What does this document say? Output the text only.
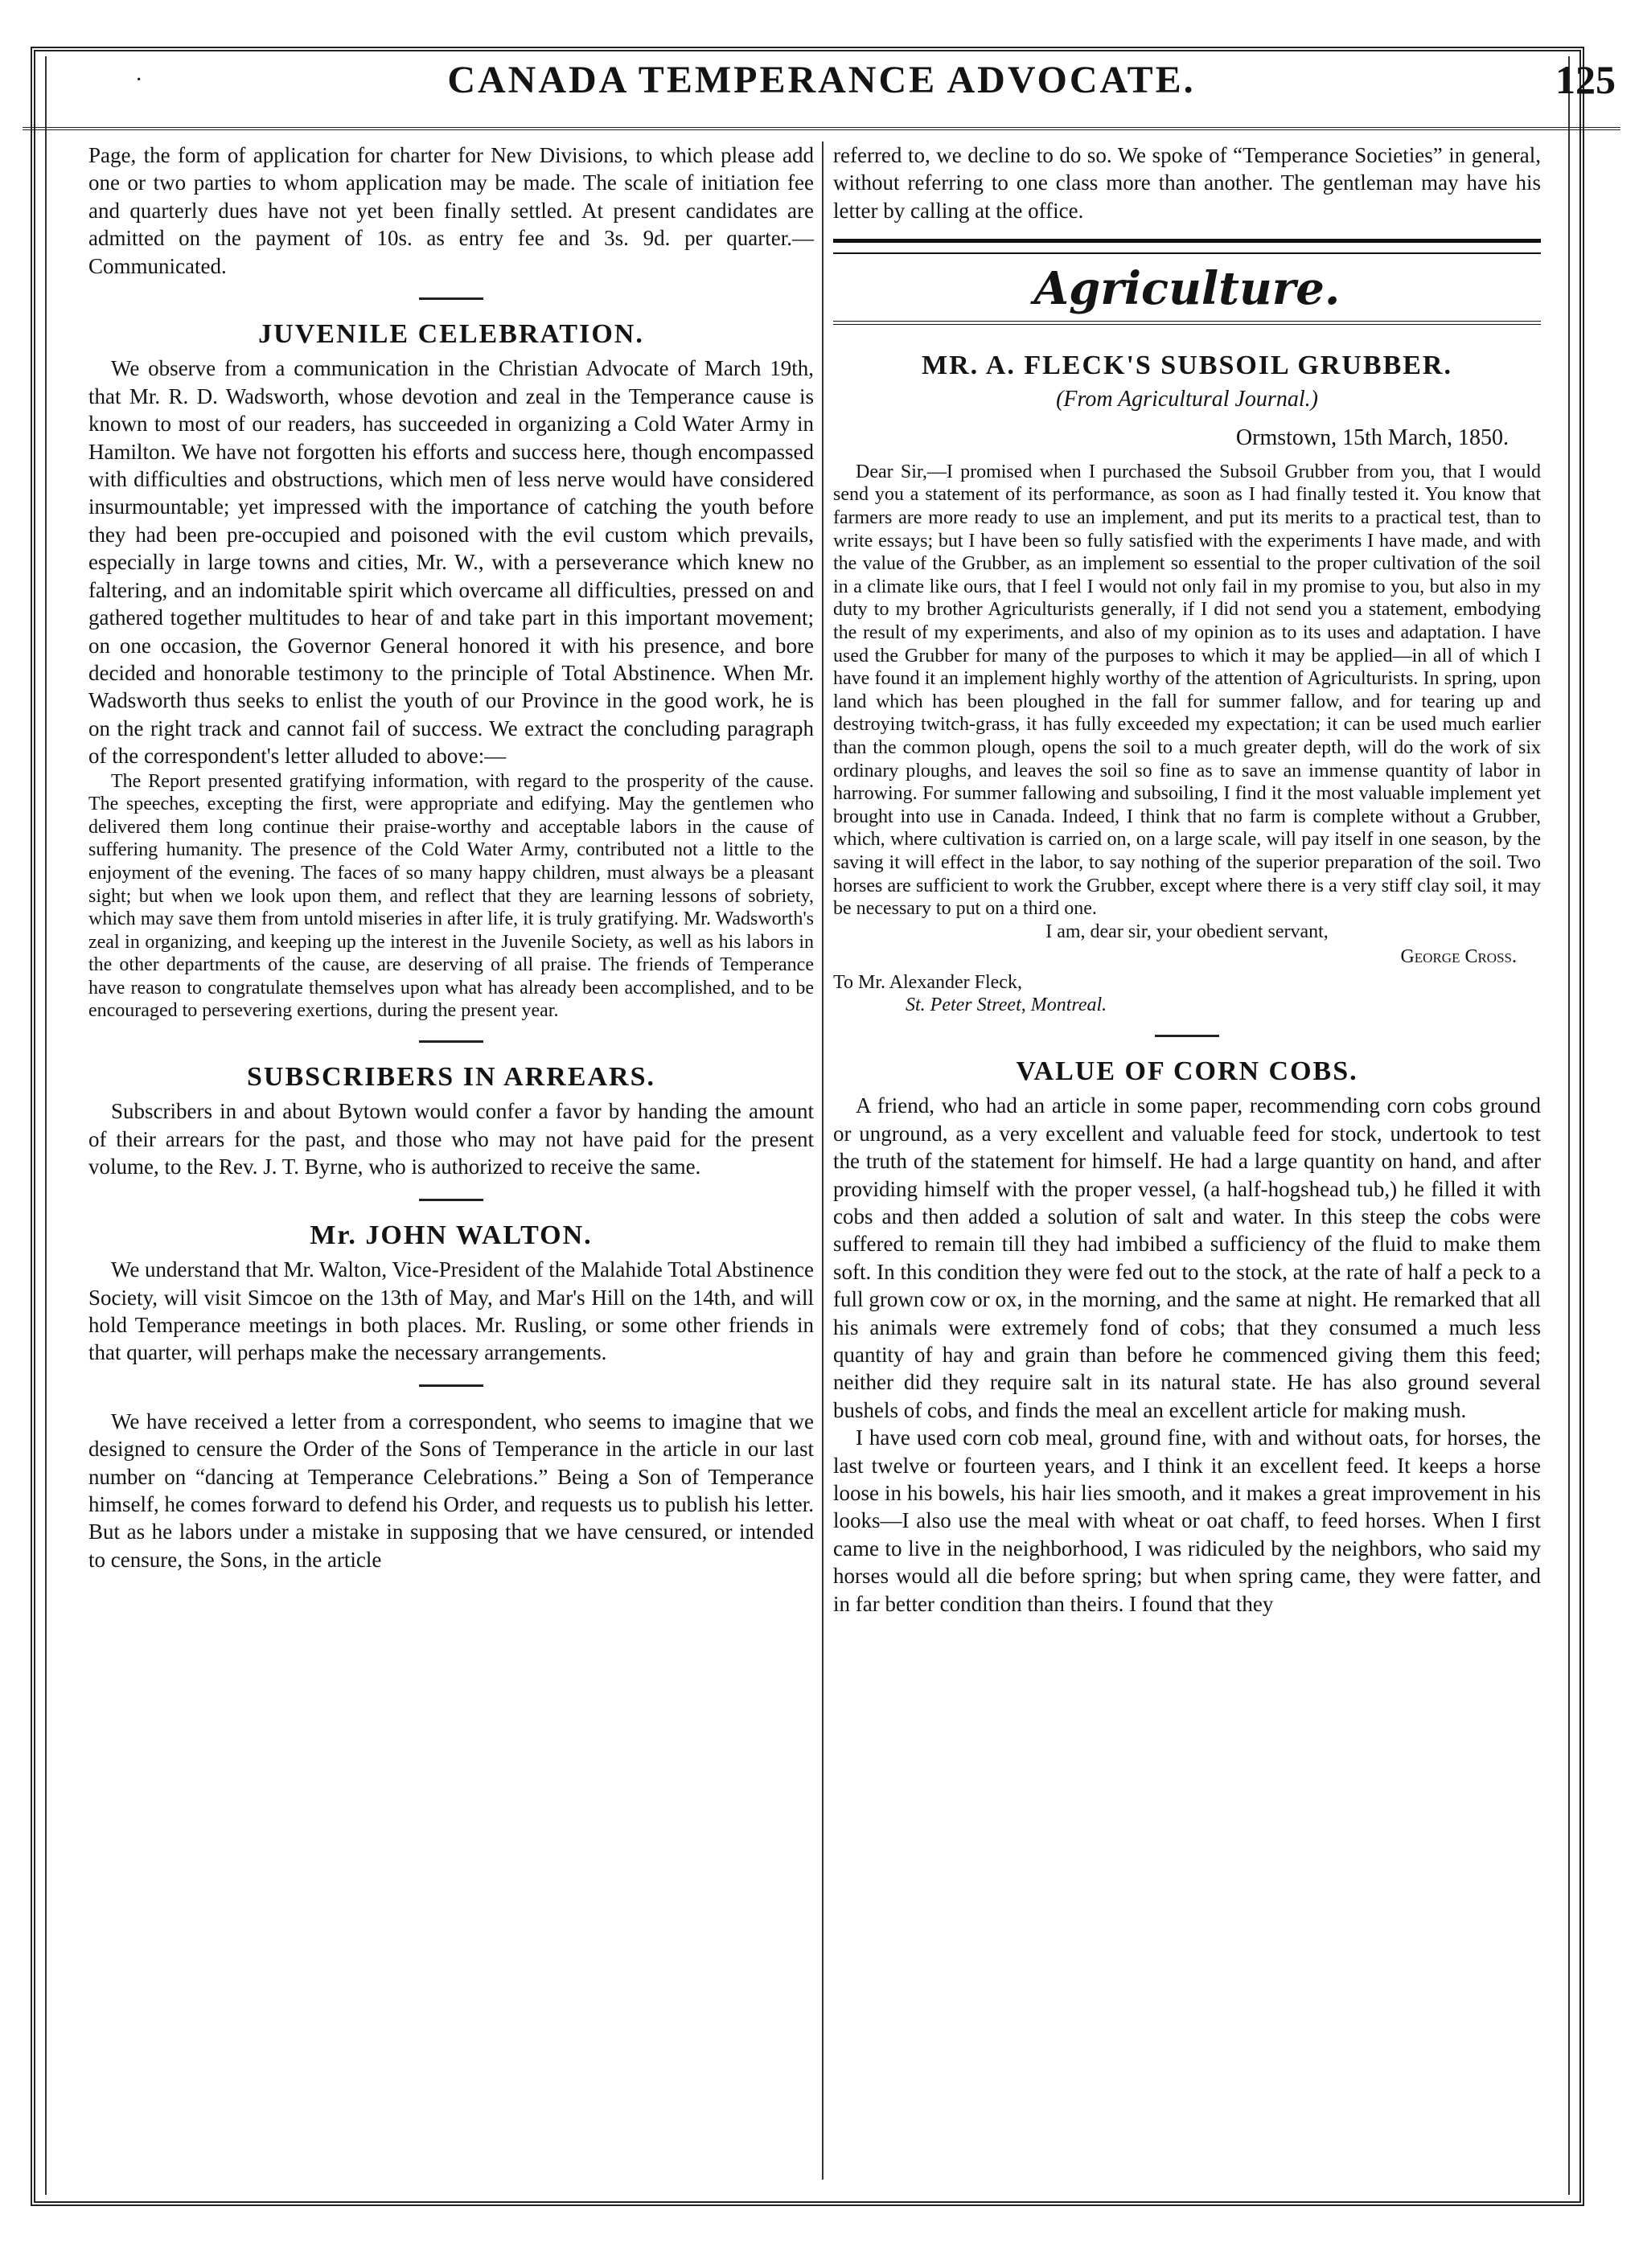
·	CANADA TEMPERANCE ADVOCATE.	125

Page, the form of application for charter for New Divisions, to which please add one or two parties to whom application may be made. The scale of initiation fee and quarterly dues have not yet been finally settled. At present candidates are admitted on the payment of 10s. as entry fee and 3s. 9d. per quarter.—Communicated.

JUVENILE CELEBRATION.

We observe from a communication in the Christian Advocate of March 19th, that Mr. R. D. Wadsworth, whose devotion and zeal in the Temperance cause is known to most of our readers, has succeeded in organizing a Cold Water Army in Hamilton. We have not forgotten his efforts and success here, though encompassed with difficulties and obstructions, which men of less nerve would have considered insurmountable; yet impressed with the importance of catching the youth before they had been pre-occupied and poisoned with the evil custom which prevails, especially in large towns and cities, Mr. W., with a perseverance which knew no faltering, and an indomitable spirit which overcame all difficulties, pressed on and gathered together multitudes to hear of and take part in this important movement; on one occasion, the Governor General honored it with his presence, and bore decided and honorable testimony to the principle of Total Abstinence. When Mr. Wadsworth thus seeks to enlist the youth of our Province in the good work, he is on the right track and cannot fail of success. We extract the concluding paragraph of the correspondent's letter alluded to above:—

The Report presented gratifying information, with regard to the prosperity of the cause. The speeches, excepting the first, were appropriate and edifying. May the gentlemen who delivered them long continue their praise-worthy and acceptable labors in the cause of suffering humanity. The presence of the Cold Water Army, contributed not a little to the enjoyment of the evening. The faces of so many happy children, must always be a pleasant sight; but when we look upon them, and reflect that they are learning lessons of sobriety, which may save them from untold miseries in after life, it is truly gratifying. Mr. Wadsworth's zeal in organizing, and keeping up the interest in the Juvenile Society, as well as his labors in the other departments of the cause, are deserving of all praise. The friends of Temperance have reason to congratulate themselves upon what has already been accomplished, and to be encouraged to persevering exertions, during the present year.

SUBSCRIBERS IN ARREARS.

Subscribers in and about Bytown would confer a favor by handing the amount of their arrears for the past, and those who may not have paid for the present volume, to the Rev. J. T. Byrne, who is authorized to receive the same.

Mr. JOHN WALTON.

We understand that Mr. Walton, Vice-President of the Malahide Total Abstinence Society, will visit Simcoe on the 13th of May, and Mar's Hill on the 14th, and will hold Temperance meetings in both places. Mr. Rusling, or some other friends in that quarter, will perhaps make the necessary arrangements.

We have received a letter from a correspondent, who seems to imagine that we designed to censure the Order of the Sons of Temperance in the article in our last number on “dancing at Temperance Celebrations.” Being a Son of Temperance himself, he comes forward to defend his Order, and requests us to publish his letter. But as he labors under a mistake in supposing that we have censured, or intended to censure, the Sons, in the article

referred to, we decline to do so. We spoke of “Temperance Societies” in general, without referring to one class more than another. The gentleman may have his letter by calling at the office.

Agriculture.
MR. A. FLECK'S SUBSOIL GRUBBER.
(From Agricultural Journal.)
Ormstown, 15th March, 1850.

Dear Sir,—I promised when I purchased the Subsoil Grubber from you, that I would send you a statement of its performance, as soon as I had finally tested it. You know that farmers are more ready to use an implement, and put its merits to a practical test, than to write essays; but I have been so fully satisfied with the experiments I have made, and with the value of the Grubber, as an implement so essential to the proper cultivation of the soil in a climate like ours, that I feel I would not only fail in my promise to you, but also in my duty to my brother Agriculturists generally, if I did not send you a statement, embodying the result of my experiments, and also of my opinion as to its uses and adaptation. I have used the Grubber for many of the purposes to which it may be applied—in all of which I have found it an implement highly worthy of the attention of Agriculturists. In spring, upon land which has been ploughed in the fall for summer fallow, and for tearing up and destroying twitch-grass, it has fully exceeded my expectation; it can be used much earlier than the common plough, opens the soil to a much greater depth, will do the work of six ordinary ploughs, and leaves the soil so fine as to save an immense quantity of labor in harrowing. For summer fallowing and subsoiling, I find it the most valuable implement yet brought into use in Canada. Indeed, I think that no farm is complete without a Grubber, which, where cultivation is carried on, on a large scale, will pay itself in one season, by the saving it will effect in the labor, to say nothing of the superior preparation of the soil. Two horses are sufficient to work the Grubber, except where there is a very stiff clay soil, it may be necessary to put on a third one.

I am, dear sir, your obedient servant,
George Cross.
To Mr. Alexander Fleck,
St. Peter Street, Montreal.
VALUE OF CORN COBS.

A friend, who had an article in some paper, recommending corn cobs ground or unground, as a very excellent and valuable feed for stock, undertook to test the truth of the statement for himself. He had a large quantity on hand, and after providing himself with the proper vessel, (a half-hogshead tub,) he filled it with cobs and then added a solution of salt and water. In this steep the cobs were suffered to remain till they had imbibed a sufficiency of the fluid to make them soft. In this condition they were fed out to the stock, at the rate of half a peck to a full grown cow or ox, in the morning, and the same at night. He remarked that all his animals were extremely fond of cobs; that they consumed a much less quantity of hay and grain than before he commenced giving them this feed; neither did they require salt in its natural state. He has also ground several bushels of cobs, and finds the meal an excellent article for making mush.

I have used corn cob meal, ground fine, with and without oats, for horses, the last twelve or fourteen years, and I think it an excellent feed. It keeps a horse loose in his bowels, his hair lies smooth, and it makes a great improvement in his looks—I also use the meal with wheat or oat chaff, to feed horses. When I first came to live in the neighborhood, I was ridiculed by the neighbors, who said my horses would all die before spring; but when spring came, they were fatter, and in far better condition than theirs. I found that they
